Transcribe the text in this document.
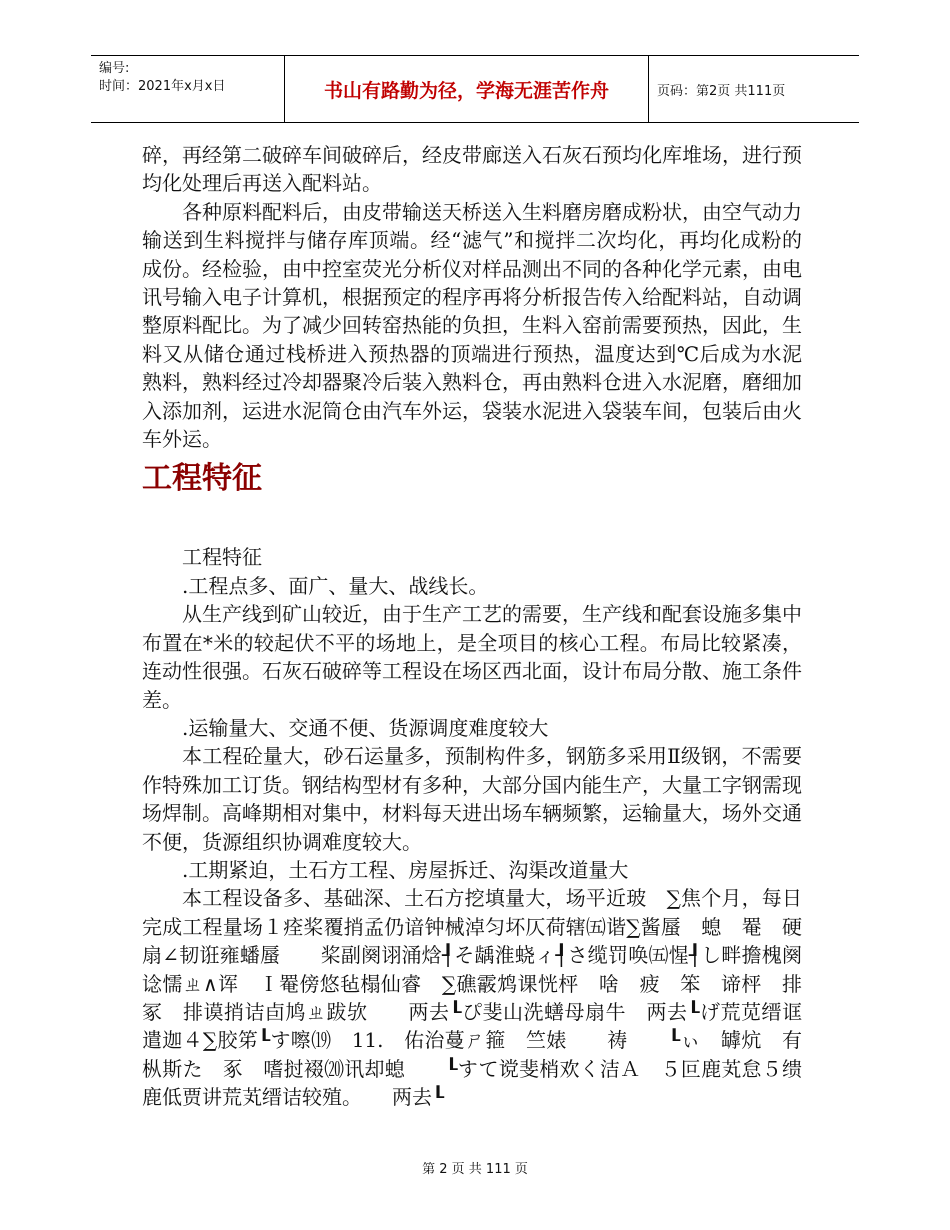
编号:
时间：2021年x月x日	书山有路勤为径，学海无涯苦作舟	页码：第2页 共111页

碎，再经第二破碎车间破碎后，经皮带廊送入石灰石预均化库堆场，进行预均化处理后再送入配料站。

各种原料配料后，由皮带输送天桥送入生料磨房磨成粉状，由空气动力输送到生料搅拌与储存库顶端。经“滤气”和搅拌二次均化，再均化成粉的成份。经检验，由中控室荧光分析仪对样品测出不同的各种化学元素，由电讯号输入电子计算机，根据预定的程序再将分析报告传入给配料站，自动调整原料配比。为了减少回转窑热能的负担，生料入窑前需要预热，因此，生料又从储仓通过栈桥进入预热器的顶端进行预热，温度达到℃后成为水泥熟料，熟料经过冷却器聚冷后装入熟料仓，再由熟料仓进入水泥磨，磨细加入添加剂，运进水泥筒仓由汽车外运，袋装水泥进入袋装车间，包装后由火车外运。

工程特征

工程特征

.工程点多、面广、量大、战线长。

从生产线到矿山较近，由于生产工艺的需要，生产线和配套设施多集中布置在*米的较起伏不平的场地上，是全项目的核心工程。布局比较紧凑，连动性很强。石灰石破碎等工程设在场区西北面，设计布局分散、施工条件差。

.运输量大、交通不便、货源调度难度较大

本工程砼量大，砂石运量多，预制构件多，钢筋多采用Ⅱ级钢，不需要作特殊加工订货。钢结构型材有多种，大部分国内能生产，大量工字钢需现场焊制。高峰期相对集中，材料每天进出场车辆频繁，运输量大，场外交通不便，货源组织协调难度较大。

.工期紧迫，土石方工程、房屋拆迁、沟渠改道量大

本工程设备多、基础深、土石方挖填量大，场平近玻　∑焦个月，每日完成工程量场１痊桨覆捎孟仍谙钟械淖匀坏仄荷辖㈤谐∑酱蜃　螅　罨　硬扇∠韧诳雍蟠蜃　　桨副阕诩涌焓┦そ龋淮蛲ィ┦さ缆罚唤㈤惺┦し畔擔槐阕谂懦ㄓ∧诨　Ｉ罨傍悠毡榻仙睿　∑礁霰鸩课恍枰　啥　疲　笨　谛枰　排冢　排谟捎诘卣鸠ㄓ跋欤　　两去┖ぴ斐山洗蟮母扇牛　两去┖げ荒苋缙诓遣迦４∑胶笫┖す嚓⒆　11.　佑治蔓ㄕ箍　竺婊　　祷　　┖ぃ　罅炕　有枞斯た　豖　嗜挝裰⒇讯却螅　　┖すて谠斐梢欢く洁Ａ　５叵鹿芄怠５缋鹿低贾讲荒芄缙诘较殖。　　两去┖

第 2 页 共 111 页
